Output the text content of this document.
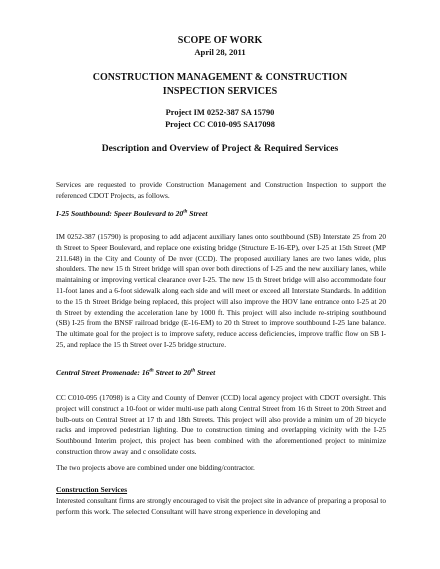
SCOPE OF WORK
April 28, 2011
CONSTRUCTION MANAGEMENT & CONSTRUCTION
INSPECTION SERVICES
Project IM 0252-387 SA 15790
Project CC C010-095 SA17098
Description and Overview of Project & Required Services
Services are requested to provide Construction Management and Construction Inspection to support the referenced CDOT Projects, as follows.
I-25 Southbound: Speer Boulevard to 20th Street
IM 0252-387 (15790) is proposing to add adjacent auxiliary lanes onto southbound (SB) Interstate 25 from 20 th Street to Speer Boulevard, and replace one existing bridge (Structure E-16-EP), over I-25 at 15th Street (MP 211.648) in the City and County of De nver (CCD). The proposed auxiliary lanes are two lanes wide, plus shoulders. The new 15 th Street bridge will span over both directions of I-25 and the new auxiliary lanes, while maintaining or improving vertical clearance over I-25. The new 15 th Street bridge will also accommodate four 11-foot lanes and a 6-foot sidewalk along each side and will meet or exceed all Interstate Standards. In addition to the 15 th Street Bridge being replaced, this project will also improve the HOV lane entrance onto I-25 at 20 th Street by extending the acceleration lane by 1000 ft. This project will also include re-striping southbound (SB) I-25 from the BNSF railroad bridge (E-16-EM) to 20 th Street to improve southbound I-25 lane balance. The ultimate goal for the project is to improve safety, reduce access deficiencies, improve traffic flow on SB I-25, and replace the 15 th Street over I-25 bridge structure.
Central Street Promenade: 16th Street to 20th Street
CC C010-095 (17098) is a City and County of Denver (CCD) local agency project with CDOT oversight. This project will construct a 10-foot or wider multi-use path along Central Street from 16 th Street to 20th Street and bulb-outs on Central Street at 17 th and 18th Streets. This project will also provide a minim um of 20 bicycle racks and improved pedestrian lighting. Due to construction timing and overlapping vicinity with the I-25 Southbound Interim project, this project has been combined with the aforementioned project to minimize construction throw away and c onsolidate costs.
The two projects above are combined under one bidding/contractor.
Construction Services
Interested consultant firms are strongly encouraged to visit the project site in advance of preparing a proposal to perform this work. The selected Consultant will have strong experience in developing and
